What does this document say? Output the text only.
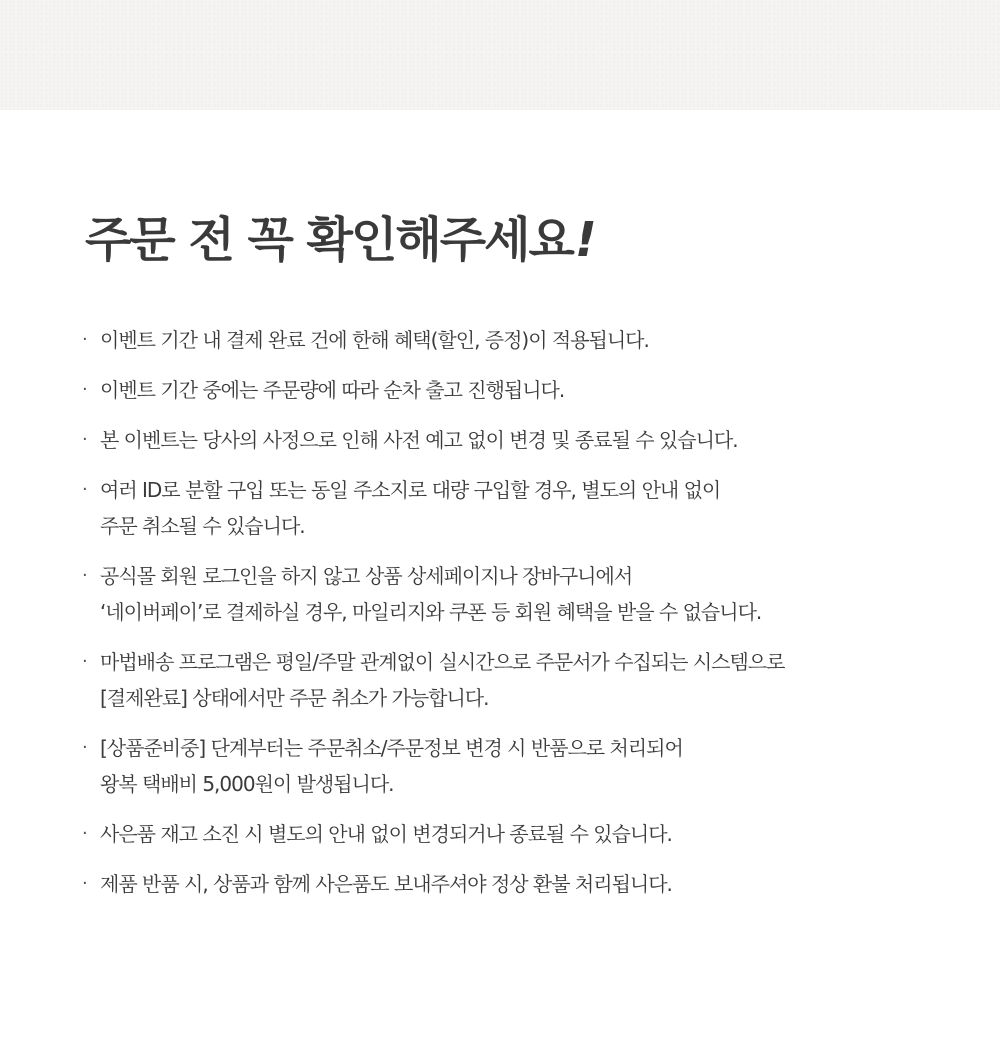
주문 전 꼭 확인해주세요!
· 이벤트 기간 내 결제 완료 건에 한해 혜택(할인, 증정)이 적용됩니다.
· 이벤트 기간 중에는 주문량에 따라 순차 출고 진행됩니다.
· 본 이벤트는 당사의 사정으로 인해 사전 예고 없이 변경 및 종료될 수 있습니다.
· 여러 ID로 분할 구입 또는 동일 주소지로 대량 구입할 경우, 별도의 안내 없이
주문 취소될 수 있습니다.
· 공식몰 회원 로그인을 하지 않고 상품 상세페이지나 장바구니에서
‘네이버페이’로 결제하실 경우, 마일리지와 쿠폰 등 회원 혜택을 받을 수 없습니다.
· 마법배송 프로그램은 평일/주말 관계없이 실시간으로 주문서가 수집되는 시스템으로
[결제완료] 상태에서만 주문 취소가 가능합니다.
· [상품준비중] 단계부터는 주문취소/주문정보 변경 시 반품으로 처리되어
왕복 택배비 5,000원이 발생됩니다.
· 사은품 재고 소진 시 별도의 안내 없이 변경되거나 종료될 수 있습니다.
· 제품 반품 시, 상품과 함께 사은품도 보내주셔야 정상 환불 처리됩니다.
